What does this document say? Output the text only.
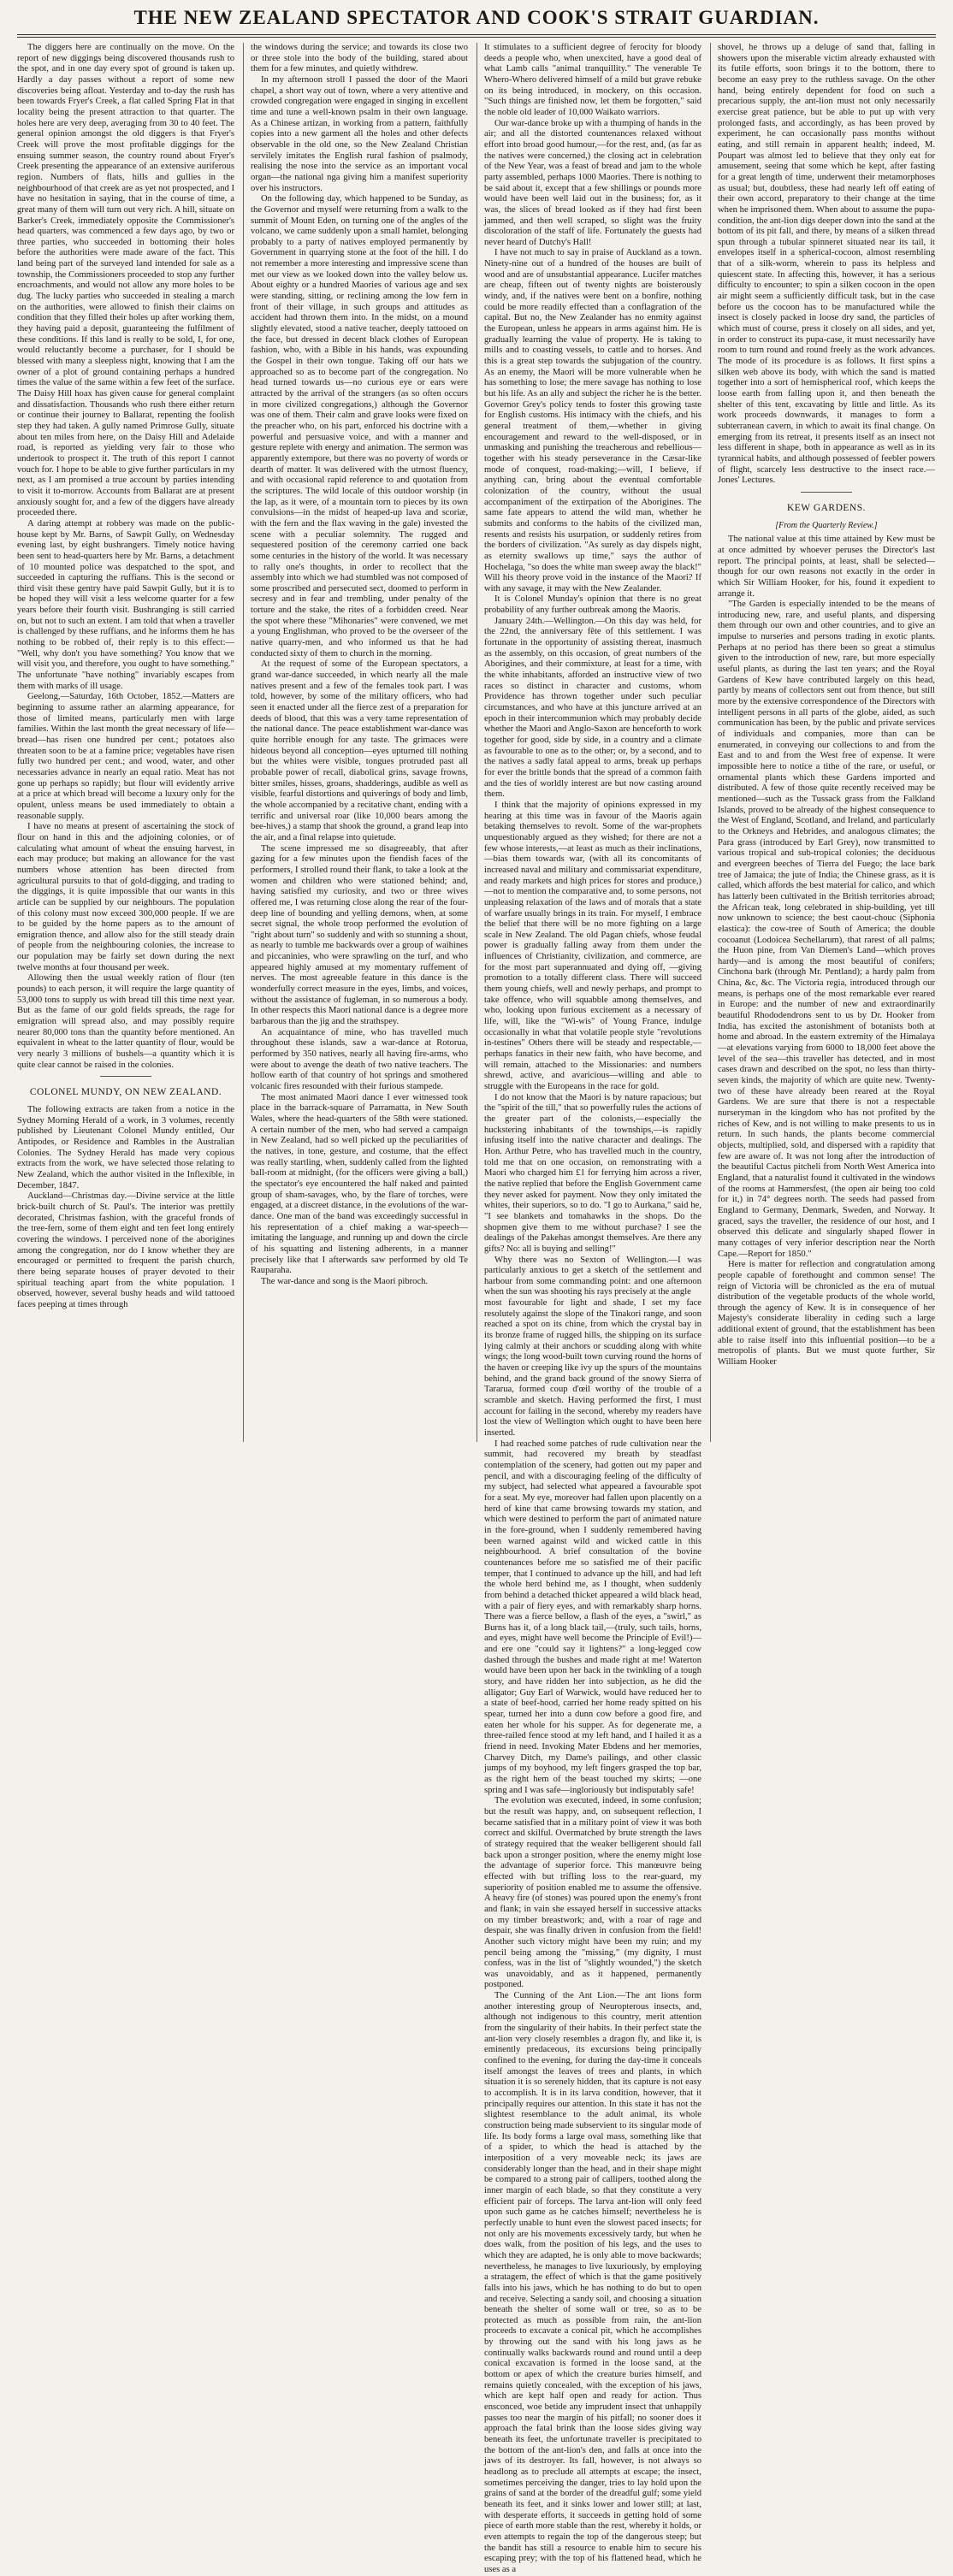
THE NEW ZEALAND SPECTATOR AND COOK'S STRAIT GUARDIAN.

The diggers here are continually on the move. On the report of new diggings being discovered thousands rush to the spot, and in one day every spot of ground is taken up. Hardly a day passes without a report of some new discoveries being afloat. Yesterday and to-day the rush has been towards Fryer's Creek, a flat called Spring Flat in that locality being the present attraction to that quarter. The holes here are very deep, averaging from 30 to 40 feet. The general opinion amongst the old diggers is that Fryer's Creek will prove the most profitable diggings for the ensuing summer season, the country round about Fryer's Creek presenting the appearance of an extensive auriferous region. Numbers of flats, hills and gullies in the neighbourhood of that creek are as yet not prospected, and I have no hesitation in saying, that in the course of time, a great many of them will turn out very rich. A hill, situate on Barker's Creek, immediately opposite the Commissioner's head quarters, was commenced a few days ago, by two or three parties, who succeeded in bottoming their holes before the authorities were made aware of the fact. This land being part of the surveyed land intended for sale as a township, the Commissioners proceeded to stop any further encroachments, and would not allow any more holes to be dug. The lucky parties who succeeded in stealing a march on the authorities, were allowed to finish their claims on condition that they filled their holes up after working them, they having paid a deposit, guaranteeing the fulfilment of these conditions. If this land is really to be sold, I, for one, would reluctantly become a purchaser, for I should be blessed with many a sleepless night, knowing that I am the owner of a plot of ground containing perhaps a hundred times the value of the same within a few feet of the surface. The Daisy Hill hoax has given cause for general complaint and dissatisfaction. Thousands who rush there either return or continue their journey to Ballarat, repenting the foolish step they had taken. A gully named Primrose Gully, situate about ten miles from here, on the Daisy Hill and Adelaide road, is reported as yielding very fair to those who undertook to prospect it. The truth of this report I cannot vouch for. I hope to be able to give further particulars in my next, as I am promised a true account by parties intending to visit it to-morrow. Accounts from Ballarat are at present anxiously sought for, and a few of the diggers have already proceeded there.

A daring attempt at robbery was made on the public-house kept by Mr. Barns, of Sawpit Gully, on Wednesday evening last, by eight bushrangers. Timely notice having been sent to head-quarters here by Mr. Barns, a detachment of 10 mounted police was despatched to the spot, and succeeded in capturing the ruffians. This is the second or third visit these gentry have paid Sawpit Gully, but it is to be hoped they will visit a less welcome quarter for a few years before their fourth visit. Bushranging is still carried on, but not to such an extent. I am told that when a traveller is challenged by these ruffians, and he informs them he has nothing to be robbed of, their reply is to this effect:— "Well, why don't you have something? You know that we will visit you, and therefore, you ought to have something." The unfortunate "have nothing" invariably escapes from them with marks of ill usage.

Geelong,—Saturday, 16th October, 1852.—Matters are beginning to assume rather an alarming appearance, for those of limited means, particularly men with large families. Within the last month the great necessary of life—bread—has risen one hundred per cent.; potatoes also threaten soon to be at a famine price; vegetables have risen fully two hundred per cent.; and wood, water, and other necessaries advance in nearly an equal ratio. Meat has not gone up perhaps so rapidly; but flour will evidently arrive at a price at which bread will become a luxury only for the opulent, unless means be used immediately to obtain a reasonable supply.

I have no means at present of ascertaining the stock of flour on hand in this and the adjoining colonies, or of calculating what amount of wheat the ensuing harvest, in each may produce; but making an allowance for the vast numbers whose attention has been directed from agricultural pursuits to that of gold-digging, and trading to the diggings, it is quite impossible that our wants in this article can be supplied by our neighbours. The population of this colony must now exceed 300,000 people. If we are to be guided by the home papers as to the amount of emigration thence, and allow also for the still steady drain of people from the neighbouring colonies, the increase to our population may be fairly set down during the next twelve months at four thousand per week.

Allowing then the usual weekly ration of flour (ten pounds) to each person, it will require the large quantity of 53,000 tons to supply us with bread till this time next year. But as the fame of our gold fields spreads, the rage for emigration will spread also, and may possibly require nearer 80,000 tons than the quantity before mentioned. An equivalent in wheat to the latter quantity of flour, would be very nearly 3 millions of bushels—a quantity which it is quite clear cannot be raised in the colonies.

COLONEL MUNDY, ON NEW ZEALAND.

The following extracts are taken from a notice in the Sydney Morning Herald of a work, in 3 volumes, recently published by Lieutenant Colonel Mundy entitled, Our Antipodes, or Residence and Rambles in the Australian Colonies. The Sydney Herald has made very copious extracts from the work, we have selected those relating to New Zealand, which the author visited in the Inflexible, in December, 1847.

Auckland—Christmas day.—Divine service at the little brick-built church of St. Paul's. The interior was prettily decorated, Christmas fashion, with the graceful fronds of the tree-fern, some of them eight and ten feet long entirely covering the windows. I perceived none of the aborigines among the congregation, nor do I know whether they are encouraged or permitted to frequent the parish church, there being separate houses of prayer devoted to their spiritual teaching apart from the white population. I observed, however, several bushy heads and wild tattooed faces peeping at times through

the windows during the service; and towards its close two or three stole into the body of the building, stared about them for a few minutes, and quietly withdrew.

In my afternoon stroll I passed the door of the Maori chapel, a short way out of town, where a very attentive and crowded congregation were engaged in singing in excellent time and tune a well-known psalm in their own language. As a Chinese artizan, in working from a pattern, faithfully copies into a new garment all the holes and other defects observable in the old one, so the New Zealand Christian servilely imitates the English rural fashion of psalmody, realising the nose into the service as an important vocal organ—the national nga giving him a manifest superiority over his instructors.

On the following day, which happened to be Sunday, as the Governor and myself were returning from a walk to the summit of Mount Eden, on turning one of the angles of the volcano, we came suddenly upon a small hamlet, belonging probably to a party of natives employed permanently by Government in quarrying stone at the foot of the hill. I do not remember a more interesting and impressive scene than met our view as we looked down into the valley below us. About eighty or a hundred Maories of various age and sex were standing, sitting, or reclining among the low fern in front of their village, in such groups and attitudes as accident had thrown them into. In the midst, on a mound slightly elevated, stood a native teacher, deeply tattooed on the face, but dressed in decent black clothes of European fashion, who, with a Bible in his hands, was expounding the Gospel in their own tongue. Taking off our hats we approached so as to become part of the congregation. No head turned towards us—no curious eye or ears were attracted by the arrival of the strangers (as so often occurs in more civilized congregations,) although the Governor was one of them. Their calm and grave looks were fixed on the preacher who, on his part, enforced his doctrine with a powerful and persuasive voice, and with a manner and gesture replete with energy and animation. The sermon was apparently extempore, but there was no poverty of words or dearth of matter. It was delivered with the utmost fluency, and with occasional rapid reference to and quotation from the scriptures. The wild locale of this outdoor worship (in the lap, as it were, of a mountain torn to pieces by its own convulsions—in the midst of heaped-up lava and scoriæ, with the fern and the flax waving in the gale) invested the scene with a peculiar solemnity. The rugged and sequestered position of the ceremony carried one back some centuries in the history of the world. It was necessary to rally one's thoughts, in order to recollect that the assembly into which we had stumbled was not composed of some proscribed and persecuted sect, doomed to perform in secresy and in fear and trembling, under penalty of the torture and the stake, the rites of a forbidden creed. Near the spot where these "Mihonaries" were convened, we met a young Englishman, who proved to be the overseer of the native quarry-men, and who informed us that he had conducted sixty of them to church in the morning.

At the request of some of the European spectators, a grand war-dance succeeded, in which nearly all the male natives present and a few of the females took part. I was told, however, by some of the military officers, who had seen it enacted under all the fierce zest of a preparation for deeds of blood, that this was a very tame representation of the national dance. The peace establishment war-dance was quite horrible enough for any taste. The grimaces were hideous beyond all conception—eyes upturned till nothing but the whites were visible, tongues protruded past all probable power of recall, diabolical grins, savage frowns, bitter smiles, hisses, groans, shadderings, audible as well as visible, fearful distortions and quiverings of body and limb, the whole accompanied by a recitative chant, ending with a terrific and universal roar (like 10,000 bears among the bee-hives,) a stamp that shook the ground, a grand leap into the air, and a final relapse into quietude.

The scene impressed me so disagreeably, that after gazing for a few minutes upon the fiendish faces of the performers, I strolled round their flank, to take a look at the women and children who were stationed behind; and, having satisfied my curiosity, and two or three wives offered me, I was returning close along the rear of the four-deep line of bounding and yelling demons, when, at some secret signal, the whole troop performed the evolution of "right about turn" so suddenly and with so stunning a shout, as nearly to tumble me backwards over a group of waihines and piccaninies, who were sprawling on the turf, and who appeared highly amused at my momentary ruffement of nerves. The most agreeable feature in this dance is the wonderfully correct measure in the eyes, limbs, and voices, without the assistance of fugleman, in so numerous a body. In other respects this Maori national dance is a degree more barbarous than the jig and the strathspey.

An acquaintance of mine, who has travelled much throughout these islands, saw a war-dance at Rotorua, performed by 350 natives, nearly all having fire-arms, who were about to avenge the death of two native teachers. The hollow earth of that country of hot springs and smothered volcanic fires resounded with their furious stampede.

The most animated Maori dance I ever witnessed took place in the barrack-square of Parramatta, in New South Wales, where the head-quarters of the 58th were stationed. A certain number of the men, who had served a campaign in New Zealand, had so well picked up the peculiarities of the natives, in tone, gesture, and costume, that the effect was really startling, when, suddenly called from the lighted ball-room at midnight, (for the officers were giving a ball,) the spectator's eye encountered the half naked and painted group of sham-savages, who, by the flare of torches, were engaged, at a discreet distance, in the evolutions of the war-dance. One man of the band was exceedingly successful in his representation of a chief making a war-speech—imitating the language, and running up and down the circle of his squatting and listening adherents, in a manner precisely like that I afterwards saw performed by old Te Rauparaha.

The war-dance and song is the Maori pibroch.

It stimulates to a sufficient degree of ferocity for bloody deeds a people who, when unexcited, have a good deal of what Lamb calls "animal tranquillity." The venerable Te Whero-Whero delivered himself of a mild but grave rebuke on its being introduced, in mockery, on this occasion. "Such things are finished now, let them be forgotten," said the noble old leader of 10,000 Waikato warriors.

Our war-dance broke up with a thumping of hands in the air; and all the distorted countenances relaxed without effort into broad good humour,—for the rest, and, (as far as the natives were concerned,) the closing act in celebration of the New Year, was a feast of bread and jam to the whole party assembled, perhaps 1000 Maories. There is nothing to be said about it, except that a few shillings or pounds more would have been well laid out in the business; for, as it was, the slices of bread looked as if they had first been jammed, and then well scraped, so slight was the fruity discoloration of the staff of life. Fortunately the guests had never heard of Dutchy's Hall!

I have not much to say in praise of Auckland as a town. Ninety-nine out of a hundred of the houses are built of wood and are of unsubstantial appearance. Lucifer matches are cheap, fifteen out of twenty nights are boisterously windy, and, if the natives were bent on a bonfire, nothing could be more readily effected than a conflagration of the capital. But no, the New Zealander has no enmity against the European, unless he appears in arms against him. He is gradually learning the value of property. He is taking to mills and to coasting vessels, to cattle and to horses. And this is a great step towards the subjugation of the country. As an enemy, the Maori will be more vulnerable when he has something to lose; the mere savage has nothing to lose but his life. As an ally and subject the richer he is the better. Governor Grey's policy tends to foster this growing taste for English customs. His intimacy with the chiefs, and his general treatment of them,—whether in giving encouragement and reward to the well-disposed, or in unmasking and punishing the treacherous and rebellious—together with his steady perseverance in the Cæsar-like mode of conquest, road-making;—will, I believe, if anything can, bring about the eventual comfortable colonization of the country, without the usual accompaniment of the extirpation of the Aborigines. The same fate appears to attend the wild man, whether he submits and conforms to the habits of the civilized man, resents and resists his usurpation, or suddenly retires from the borders of civilization. "As surely as day dispels night, as eternity swallows up time," says the author of Hochelaga, "so does the white man sweep away the black!" Will his theory prove void in the instance of the Maori? If with any savage, it may with the New Zealander.

It is Colonel Munday's opinion that there is no great probability of any further outbreak among the Maoris.

January 24th.—Wellington.—On this day was held, for the 22nd, the anniversary fête of this settlement. I was fortunate in the opportunity of assisting thereat, inasmuch as the assembly, on this occasion, of great numbers of the Aborigines, and their commixture, at least for a time, with the white inhabitants, afforded an instructive view of two races so distinct in character and customs, whom Providence has thrown together under such peculiar circumstances, and who have at this juncture arrived at an epoch in their intercommunion which may probably decide whether the Maori and Anglo-Saxon are henceforth to work together for good, side by side, in a country and a climate as favourable to one as to the other; or, by a second, and to the natives a sadly fatal appeal to arms, break up perhaps for ever the brittle bonds that the spread of a common faith and the ties of worldly interest are but now casting around them.

I think that the majority of opinions expressed in my hearing at this time was in favour of the Maoris again betaking themselves to revolt. Some of the war-prophets unquestionably argued as they wished; for there are not a few whose interests,—at least as much as their inclinations,—bias them towards war, (with all its concomitants of increased naval and military and commissariat expenditure, and ready markets and high prices for stores and produce,) —not to mention the comparative and, to some persons, not unpleasing relaxation of the laws and of morals that a state of warfare usually brings in its train. For myself, I embrace the belief that there will be no more fighting on a large scale in New Zealand. The old Pagan chiefs, whose feudal power is gradually falling away from them under the influences of Christianity, civilization, and commerce, are for the most part superannuated and dying off, —giving promotion to a totally different class. There will succeed them young chiefs, well and newly perhaps, and prompt to take offence, who will squabble among themselves, and who, looking upon furious excitement as a necessary of life, will, like the "Wi-wis" of Young France, indulge occasionally in what that volatile people style "revolutions in-testines" Others there will be steady and respectable,—perhaps fanatics in their new faith, who have become, and will remain, attached to the Missionaries: and numbers shrewd, active, and avaricious—willing and able to struggle with the Europeans in the race for gold.

I do not know that the Maori is by nature rapacious; but the "spirit of the till," that so powerfully rules the actions of the greater part of the colonists,—especially the huckstering inhabitants of the townships,—is rapidly infusing itself into the native character and dealings. The Hon. Arthur Petre, who has travelled much in the country, told me that on one occasion, on remonstrating with a Maori who charged him £1 for ferrying him across a river, the native replied that before the English Government came they never asked for payment. Now they only imitated the whites, their superiors, so to do. "I go to Aurkana," said he, "I see blankets and tomahawks in the shops. Do the shopmen give them to me without purchase? I see the dealings of the Pakehas amongst themselves. Are there any gifts? No: all is buying and selling!"

Why there was no Sexton of Wellington.—I was particularly anxious to get a sketch of the settlement and harbour from some commanding point: and one afternoon when the sun was shooting his rays precisely at the angle

most favourable for light and shade, I set my face resolutely against the slope of the Tinakori range, and soon reached a spot on its chine, from which the crystal bay in its bronze frame of rugged hills, the shipping on its surface lying calmly at their anchors or scudding along with white wings; the long wood-built town curving round the horns of the haven or creeping like ivy up the spurs of the mountains behind, and the grand back ground of the snowy Sierra of Tararua, formed coup d'œil worthy of the trouble of a scramble and sketch. Having performed the first, I must account for failing in the second, whereby my readers have lost the view of Wellington which ought to have been here inserted.

I had reached some patches of rude cultivation near the summit, had recovered my breath by steadfast contemplation of the scenery, had gotten out my paper and pencil, and with a discouraging feeling of the difficulty of my subject, had selected what appeared a favourable spot for a seat. My eye, moreover had fallen upon placently on a herd of kine that came browsing towards my station, and which were destined to perform the part of animated nature in the fore-ground, when I suddenly remembered having been warned against wild and wicked cattle in this neighbourhood. A brief consultation of the bovine countenances before me so satisfied me of their pacific temper, that I continued to advance up the hill, and had left the whole herd behind me, as I thought, when suddenly from behind a detached thicket appeared a wild black head, with a pair of fiery eyes, and with remarkably sharp horns. There was a fierce bellow, a flash of the eyes, a "swirl," as Burns has it, of a long black tail,—(truly, such tails, horns, and eyes, might have well become the Principle of Evil!)—and ere one "could say it lightens?" a long-legged cow dashed through the bushes and made right at me! Waterton would have been upon her back in the twinkling of a tough story, and have ridden her into subjection, as he did the alligator; Guy Earl of Warwick, would have reduced her to a state of beef-hood, carried her home ready spitted on his spear, turned her into a dunn cow before a good fire, and eaten her whole for his supper. As for degenerate me, a three-railed fence stood at my left hand, and I hailed it as a friend in need. Invoking Mater Ebdens and her memories, Charvey Ditch, my Dame's pailings, and other classic jumps of my boyhood, my left fingers grasped the top bar, as the right hem of the beast touched my skirts; —one spring and I was safe—ingloriously but indisputably safe!

The evolution was executed, indeed, in some confusion; but the result was happy, and, on subsequent reflection, I became satisfied that in a military point of view it was both correct and skilful. Overmatched by brute strength the laws of strategy required that the weaker belligerent should fall back upon a stronger position, where the enemy might lose the advantage of superior force. This manœuvre being effected with but trifling loss to the rear-guard, my superiority of position enabled me to assume the offensive. A heavy fire (of stones) was poured upon the enemy's front and flank; in vain she essayed herself in successive attacks on my timber breastwork; and, with a roar of rage and despair, she was finally driven in confusion from the field! Another such victory might have been my ruin; and my pencil being among the "missing," (my dignity, I must confess, was in the list of "slightly wounded,") the sketch was unavoidably, and as it happened, permanently postponed.

The Cunning of the Ant Lion.—The ant lions form another interesting group of Neuropterous insects, and, although not indigenous to this country, merit attention from the singularity of their habits. In their perfect state the ant-lion very closely resembles a dragon fly, and like it, is eminently predaceous, its excursions being principally confined to the evening, for during the day-time it conceals itself amongst the leaves of trees and plants, in which situation it is so serenely hidden, that its capture is not easy to accomplish. It is in its larva condition, however, that it principally requires our attention. In this state it has not the slightest resemblance to the adult animal, its whole construction being made subservient to its singular mode of life. Its body forms a large oval mass, something like that of a spider, to which the head is attached by the interposition of a very moveable neck; its jaws are considerably longer than the head, and in their shape might be compared to a strong pair of callipers, toothed along the inner margin of each blade, so that they constitute a very efficient pair of forceps. The larva ant-lion will only feed upon such game as he catches himself; nevertheless he is perfectly unable to hunt even the slowest paced insects; for not only are his movements excessively tardy, but when he does walk, from the position of his legs, and the uses to which they are adapted, he is only able to move backwards; nevertheless, he manages to live luxuriously, by employing a stratagem, the effect of which is that the game positively falls into his jaws, which he has nothing to do but to open and receive. Selecting a sandy soil, and choosing a situation beneath the shelter of some wall or tree, so as to be protected as much as possible from rain, the ant-lion proceeds to excavate a conical pit, which he accomplishes by throwing out the sand with his long jaws as he continually walks backwards round and round until a deep conical excavation is formed in the loose sand, at the bottom or apex of which the creature buries himself, and remains quietly concealed, with the exception of his jaws, which are kept half open and ready for action. Thus ensconced, woe betide any imprudent insect that unhappily passes too near the margin of his pitfall; no sooner does it approach the fatal brink than the loose sides giving way beneath its feet, the unfortunate traveller is precipitated to the bottom of the ant-lion's den, and falls at once into the jaws of its destroyer. Its fall, however, is not always so headlong as to preclude all attempts at escape; the insect, sometimes perceiving the danger, tries to lay hold upon the grains of sand at the border of the dreadful gulf; some yield beneath its feet, and it sinks lower and lower still; at last, with desperate efforts, it succeeds in getting hold of some piece of earth more stable than the rest, whereby it holds, or even attempts to regain the top of the dangerous steep; but the bandit has still a resource to enable him to secure his escaping prey; with the top of his flattened head, which he uses as a

shovel, he throws up a deluge of sand that, falling in showers upon the miserable victim already exhausted with its futile efforts, soon brings it to the bottom, there to become an easy prey to the ruthless savage. On the other hand, being entirely dependent for food on such a precarious supply, the ant-lion must not only necessarily exercise great patience, but be able to put up with very prolonged fasts, and accordingly, as has been proved by experiment, he can occasionally pass months without eating, and still remain in apparent health; indeed, M. Poupart was almost led to believe that they only eat for amusement, seeing that some which he kept, after fasting for a great length of time, underwent their metamorphoses as usual; but, doubtless, these had nearly left off eating of their own accord, preparatory to their change at the time when he imprisoned them. When about to assume the pupa-condition, the ant-lion digs deeper down into the sand at the bottom of its pit fall, and there, by means of a silken thread spun through a tubular spinneret situated near its tail, it envelopes itself in a spherical-cocoon, almost resembling that of a silk-worm, wherein to pass its helpless and quiescent state. In affecting this, however, it has a serious difficulty to encounter; to spin a silken cocoon in the open air might seem a sufficiently difficult task, but in the case before us the cocoon has to be manufactured while the insect is closely packed in loose dry sand, the particles of which must of course, press it closely on all sides, and yet, in order to construct its pupa-case, it must necessarily have room to turn round and round freely as the work advances. The mode of its procedure is as follows. It first spins a silken web above its body, with which the sand is matted together into a sort of hemispherical roof, which keeps the loose earth from falling upon it, and then beneath the shelter of this tent, excavating by little and little. As its work proceeds downwards, it manages to form a subterranean cavern, in which to await its final change. On emerging from its retreat, it presents itself as an insect not less different in shape, both in appearance as well as in its tyrannical habits, and although possessed of feebler powers of flight, scarcely less destructive to the insect race.—Jones' Lectures.

KEW GARDENS.

[From the Quarterly Review.]

The national value at this time attained by Kew must be at once admitted by whoever peruses the Director's last report. The principal points, at least, shall be selected—though for our own reasons not exactly in the order in which Sir William Hooker, for his, found it expedient to arrange it.

"The Garden is especially intended to be the means of introducing new, rare, and useful plants, and dispersing them through our own and other countries, and to give an impulse to nurseries and persons trading in exotic plants. Perhaps at no period has there been so great a stimulus given to the introduction of new, rare, but more especially useful plants, as during the last ten years; and the Royal Gardens of Kew have contributed largely on this head, partly by means of collectors sent out from thence, but still more by the extensive correspondence of the Directors with intelligent persons in all parts of the globe, aided, as such communication has been, by the public and private services of individuals and companies, more than can be enumerated, in conveying our collections to and from the East and to and from the West free of expense. It were impossible here to notice a tithe of the rare, or useful, or ornamental plants which these Gardens imported and distributed. A few of those quite recently received may be mentioned—such as the Tussack grass from the Falkland Islands, proved to be already of the highest consequence to the West of England, Scotland, and Ireland, and particularly to the Orkneys and Hebrides, and analogous climates; the Para grass (introduced by Earl Grey), now transmitted to various tropical and sub-tropical colonies; the deciduous and evergreen beeches of Tierra del Fuego; the lace bark tree of Jamaica; the jute of India; the Chinese grass, as it is called, which affords the best material for calico, and which has latterly been cultivated in the British territories abroad; the African teak, long celebrated in ship-building, yet till now unknown to science; the best caout-chouc (Siphonia elastica): the cow-tree of South of America; the double cocoanut (Lodoicea Sechellarum), that rarest of all palms; the Huon pine, from Van Diemen's Land—which proves hardy—and is among the most beautiful of conifers; Cinchona bark (through Mr. Pentland); a hardy palm from China, &c, &c. The Victoria regia, introduced through our means, is perhaps one of the most remarkable ever reared in Europe: and the number of new and extraordinarily beautiful Rhododendrons sent to us by Dr. Hooker from India, has excited the astonishment of botanists both at home and abroad. In the eastern extremity of the Himalaya—at elevations varying from 6000 to 18,000 feet above the level of the sea—this traveller has detected, and in most cases drawn and described on the spot, no less than thirty-seven kinds, the majority of which are quite new. Twenty-two of these have already been reared at the Royal Gardens. We are sure that there is not a respectable nurseryman in the kingdom who has not profited by the riches of Kew, and is not willing to make presents to us in return. In such hands, the plants become commercial objects, multiplied, sold, and dispersed with a rapidity that few are aware of. It was not long after the introduction of the beautiful Cactus pitcheli from North West America into England, that a naturalist found it cultivated in the windows of the rooms at Hammersfest, (the open air being too cold for it,) in 74° degrees north. The seeds had passed from England to Germany, Denmark, Sweden, and Norway. It graced, says the traveller, the residence of our host, and I observed this delicate and singularly shaped flower in many cottages of very inferior description near the North Cape.—Report for 1850."

Here is matter for reflection and congratulation among people capable of forethought and common sense! The reign of Victoria will be chronicled as the era of mutual distribution of the vegetable products of the whole world, through the agency of Kew. It is in consequence of her Majesty's considerate liberality in ceding such a large additional extent of ground, that the establishment has been able to raise itself into this influential position—to be a metropolis of plants. But we must quote further, Sir William Hooker
